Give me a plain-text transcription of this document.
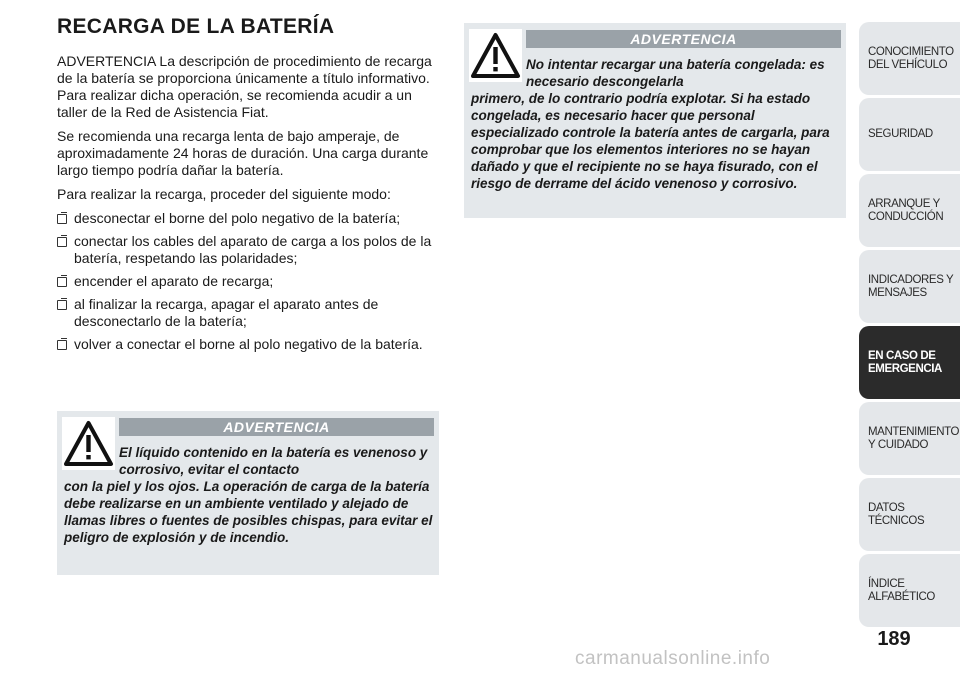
RECARGA DE LA BATERÍA

ADVERTENCIA La descripción de procedimiento de recarga de la batería se proporciona únicamente a título informativo. Para realizar dicha operación, se recomienda acudir a un taller de la Red de Asistencia Fiat.

Se recomienda una recarga lenta de bajo amperaje, de aproximadamente 24 horas de duración. Una carga durante largo tiempo podría dañar la batería.

Para realizar la recarga, proceder del siguiente modo:

desconectar el borne del polo negativo de la batería;
conectar los cables del aparato de carga a los polos de la batería, respetando las polaridades;
encender el aparato de recarga;
al finalizar la recarga, apagar el aparato antes de desconectarlo de la batería;
volver a conectar el borne al polo negativo de la batería.
ADVERTENCIA
El líquido contenido en la batería es venenoso y corrosivo, evitar el contacto
con la piel y los ojos. La operación de carga de la batería debe realizarse en un ambiente ventilado y alejado de llamas libres o fuentes de posibles chispas, para evitar el peligro de explosión y de incendio.
ADVERTENCIA
No intentar recargar una batería congelada: es necesario descongelarla
primero, de lo contrario podría explotar. Si ha estado congelada, es necesario hacer que personal especializado controle la batería antes de cargarla, para comprobar que los elementos interiores no se hayan dañado y que el recipiente no se haya fisurado, con el riesgo de derrame del ácido venenoso y corrosivo.
CONOCIMIENTO DEL VEHÍCULO
SEGURIDAD
ARRANQUE Y CONDUCCIÓN
INDICADORES Y MENSAJES
EN CASO DE EMERGENCIA
MANTENIMIENTO Y CUIDADO
DATOS TÉCNICOS
ÍNDICE ALFABÉTICO
189
carmanualsonline.info
